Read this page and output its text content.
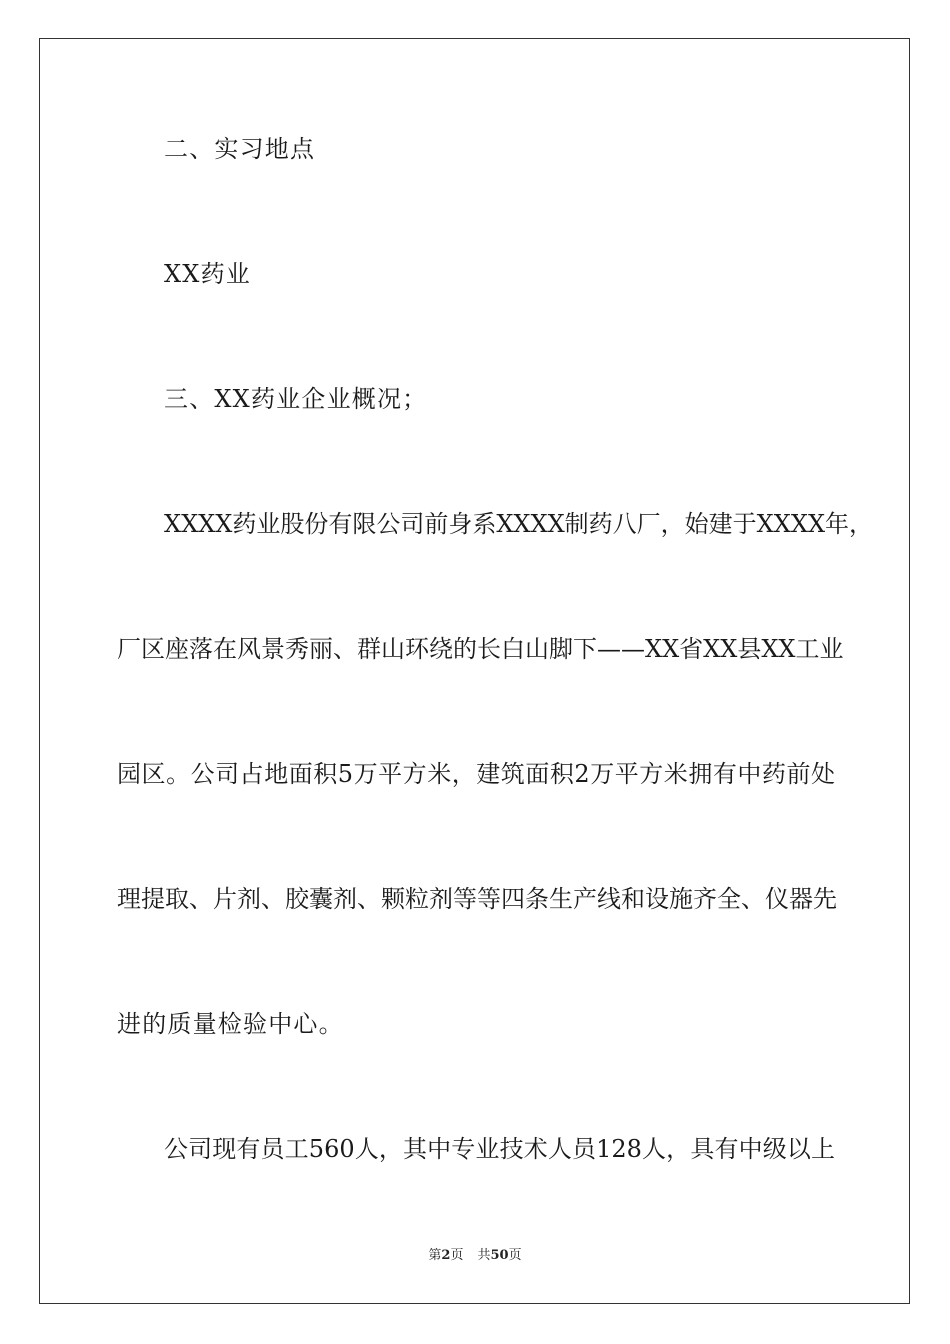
二、实习地点
XX药业
三、XX药业企业概况；
XXXX药业股份有限公司前身系XXXX制药八厂，始建于XXXX年，
厂区座落在风景秀丽、群山环绕的长白山脚下——XX省XX县XX工业
园区。公司占地面积5万平方米，建筑面积2万平方米拥有中药前处
理提取、片剂、胶囊剂、颗粒剂等等四条生产线和设施齐全、仪器先
进的质量检验中心。
公司现有员工560人，其中专业技术人员128人，具有中级以上
第2页 共50页
